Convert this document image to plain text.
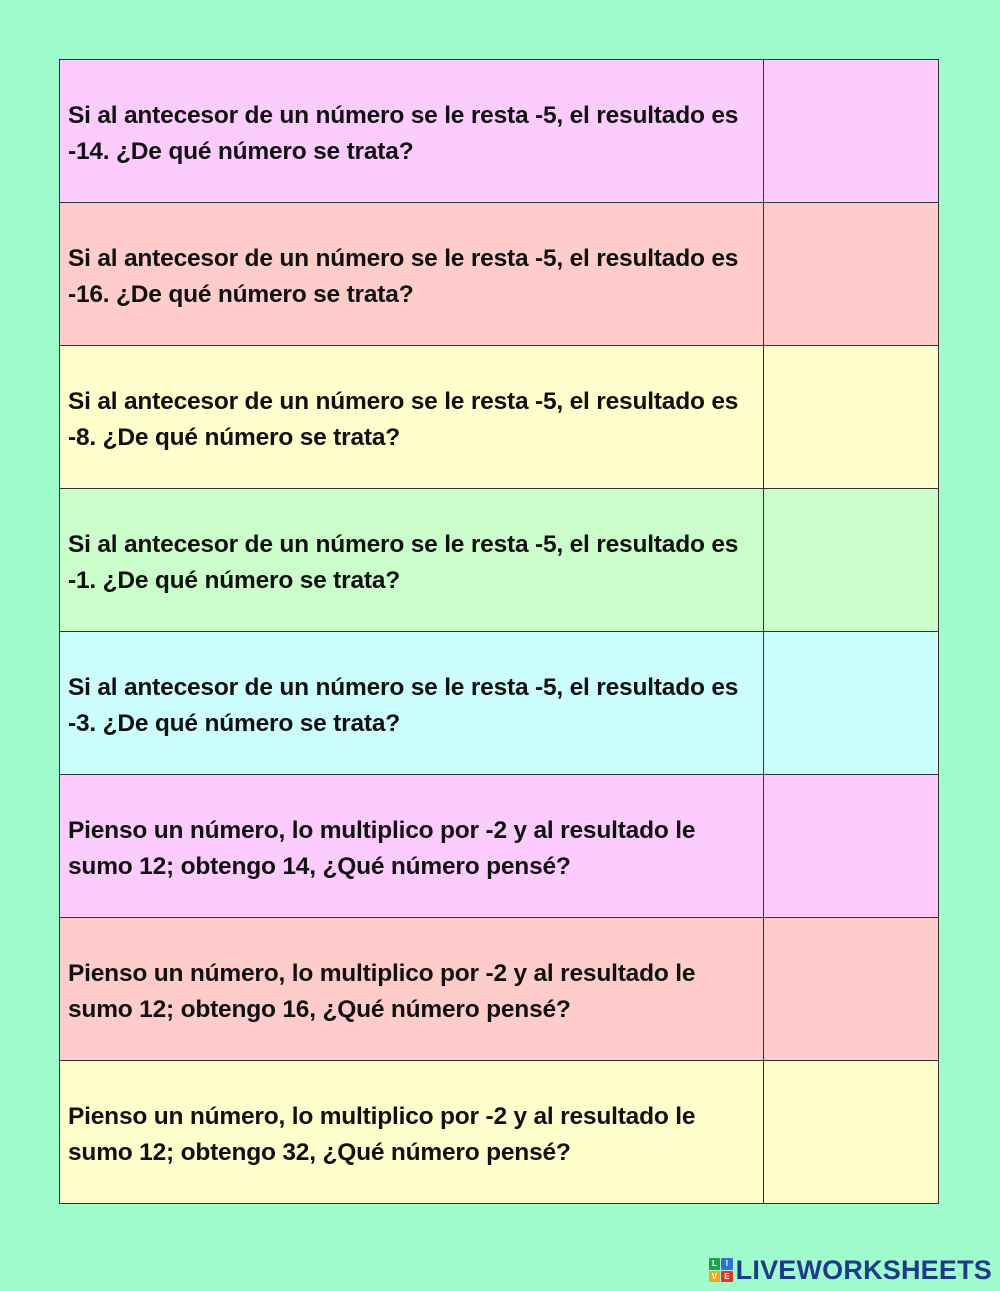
Si al antecesor de un número se le resta -5, el resultado es -14. ¿De qué número se trata?

Si al antecesor de un número se le resta -5, el resultado es -16. ¿De qué número se trata?

Si al antecesor de un número se le resta -5, el resultado es -8. ¿De qué número se trata?

Si al antecesor de un número se le resta -5, el resultado es -1. ¿De qué número se trata?

Si al antecesor de un número se le resta -5, el resultado es -3. ¿De qué número se trata?

Pienso un número, lo multiplico por -2 y al resultado le sumo 12; obtengo 14, ¿Qué número pensé?

Pienso un número, lo multiplico por -2 y al resultado le sumo 12; obtengo 16, ¿Qué número pensé?

Pienso un número, lo multiplico por -2 y al resultado le sumo 12; obtengo 32, ¿Qué número pensé?

L	I
V E LIVEWORKSHEETS
